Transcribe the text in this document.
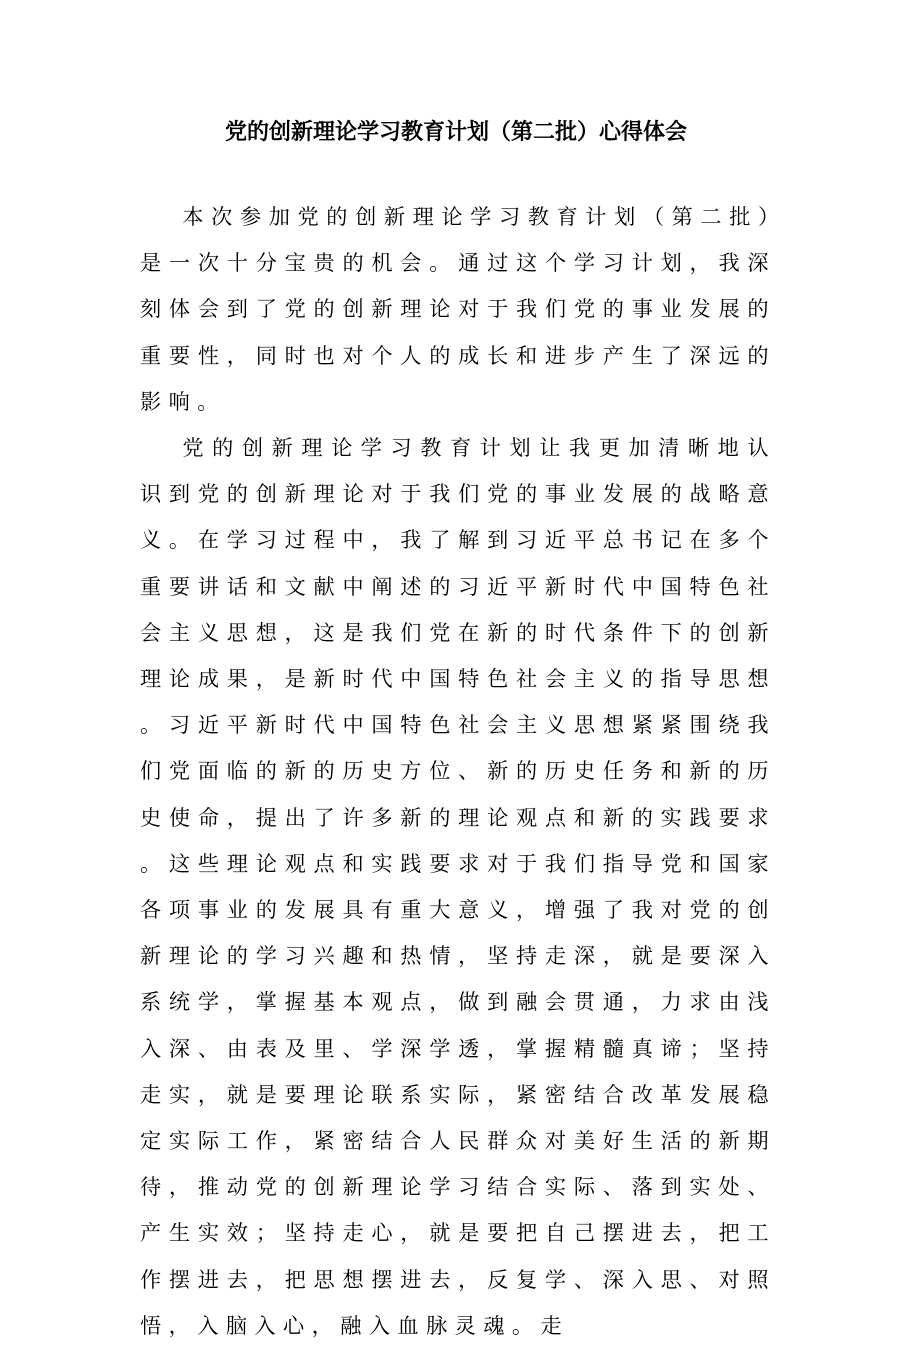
党的创新理论学习教育计划（第二批）心得体会

本次参加党的创新理论学习教育计划（第二批）是一次十分宝贵的机会。通过这个学习计划，我深刻体会到了党的创新理论对于我们党的事业发展的重要性，同时也对个人的成长和进步产生了深远的影响。

党的创新理论学习教育计划让我更加清晰地认识到党的创新理论对于我们党的事业发展的战略意义。在学习过程中，我了解到习近平总书记在多个重要讲话和文献中阐述的习近平新时代中国特色社会主义思想，这是我们党在新的时代条件下的创新理论成果，是新时代中国特色社会主义的指导思想。习近平新时代中国特色社会主义思想紧紧围绕我们党面临的新的历史方位、新的历史任务和新的历史使命，提出了许多新的理论观点和新的实践要求。这些理论观点和实践要求对于我们指导党和国家各项事业的发展具有重大意义，增强了我对党的创新理论的学习兴趣和热情，坚持走深，就是要深入系统学，掌握基本观点，做到融会贯通，力求由浅入深、由表及里、学深学透，掌握精髓真谛；坚持走实，就是要理论联系实际，紧密结合改革发展稳定实际工作，紧密结合人民群众对美好生活的新期待，推动党的创新理论学习结合实际、落到实处、产生实效；坚持走心，就是要把自己摆进去，把工作摆进去，把思想摆进去，反复学、深入思、对照悟，入脑入心，融入血脉灵魂。走
